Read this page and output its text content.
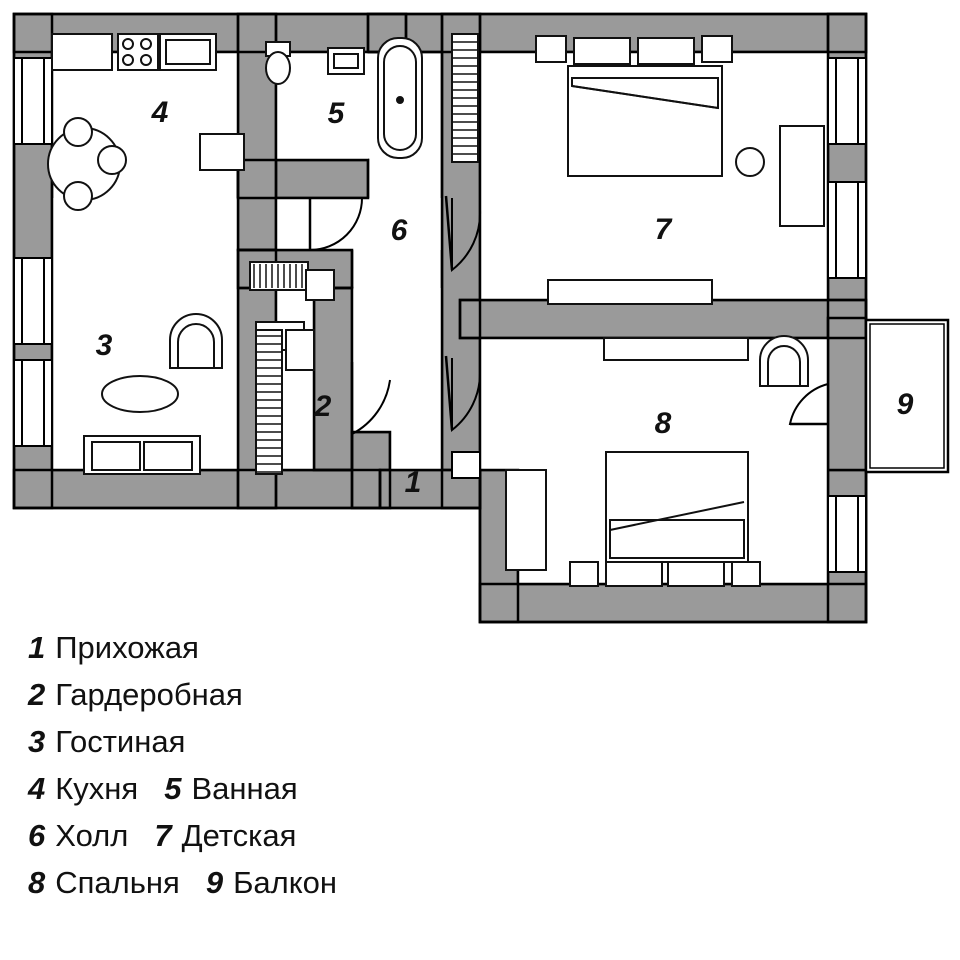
1
2
3
4	5
6	7
8
9
1 Прихожая
2 Гардеробная
3 Гостиная
4 Кухня 5 Ванная
6 Холл 7 Детская
8 Спальня 9 Балкон
